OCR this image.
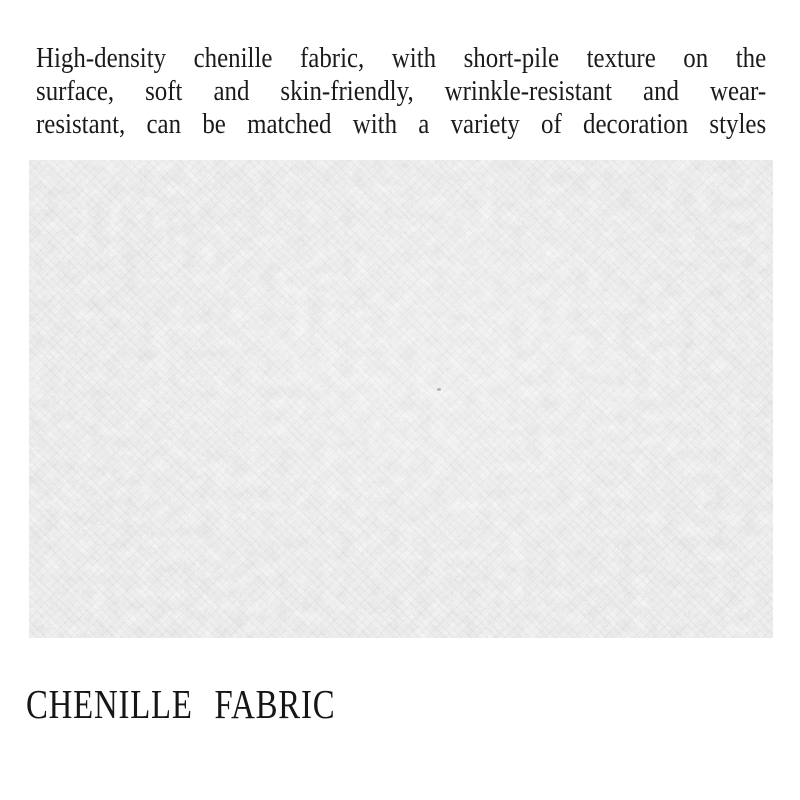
High-density chenille fabric, with short-pile texture on the
surface, soft and skin-friendly, wrinkle-resistant and wear-
resistant, can be matched with a variety of decoration styles
CHENILLE FABRIC
